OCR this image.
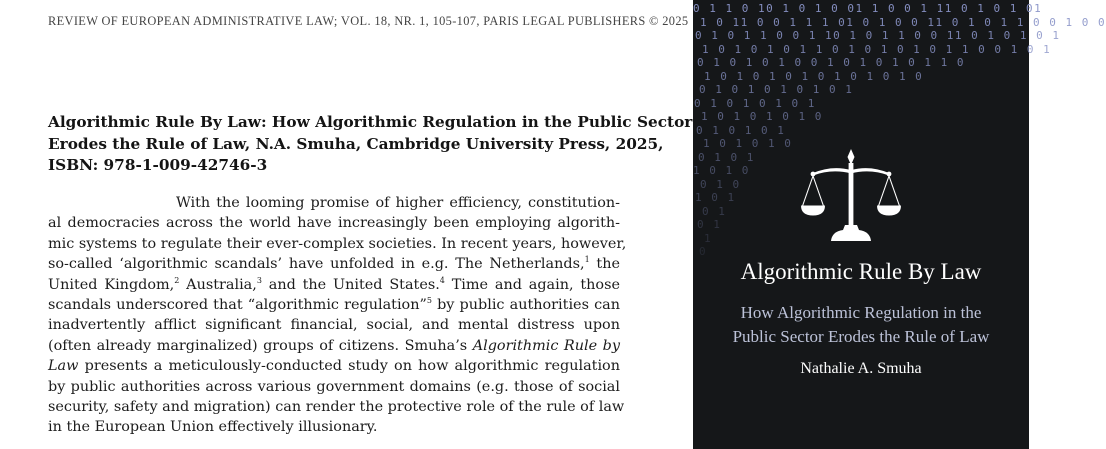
REVIEW OF EUROPEAN ADMINISTRATIVE LAW; VOL. 18, NR. 1, 105-107, PARIS LEGAL PUBLISHERS © 2025
Algorithmic Rule By Law: How Algorithmic Regulation in the Public Sector
Erodes the Rule of Law, N.A. Smuha, Cambridge University Press, 2025,
ISBN: 978-1-009-42746-3
With the looming promise of higher efficiency, constitution-
al democracies across the world have increasingly been employing algorith-
mic systems to regulate their ever-complex societies. In recent years, however,
so-called ‘algorithmic scandals’ have unfolded in e.g. The Netherlands,$^1$ the
United Kingdom,$^2$ Australia,$^3$ and the United States.$^4$ Time and again, those
scandals underscored that “algorithmic regulation”$^5$ by public authorities can
inadvertently afflict significant financial, social, and mental distress upon
(often already marginalized) groups of citizens. Smuha’s Algorithmic Rule by
Law presents a meticulously-conducted study on how algorithmic regulation
by public authorities across various government domains (e.g. those of social
security, safety and migration) can render the protective role of the rule of law
in the European Union effectively illusionary.
0 1 1 0 10 1 0 1 0 01 1 0 0 1 11 0 1 0 1 01
1 0 11 0 0 1 1 1 01 0 1 0 0 11 0 1 0 1 1 0 0 1 0 0
0 1 0 1 1 0 0 1 10 1 0 1 1 0 0 11 0 1 0 1 0 1
1 0 1 0 1 0 1 1 0 1 0 1 0 1 0 1 1 0 0 1 0 1
0 1 0 1 0 1 0 0 1 0 1 0 1 0 1 1 0
1 0 1 0 1 0 1 0 1 0 1 0 1 0
0 1 0 1 0 1 0 1 0 1
0 1 0 1 0 1 0 1
1 0 1 0 1 0 1 0
0 1 0 1 0 1
1 0 1 0 1 0
0 1 0 1
1 0 1 0
0 1 0
1 0 1
0 1
0 1
1
0
Algorithmic Rule By Law
How Algorithmic Regulation in the
Public Sector Erodes the Rule of Law
Nathalie A. Smuha
